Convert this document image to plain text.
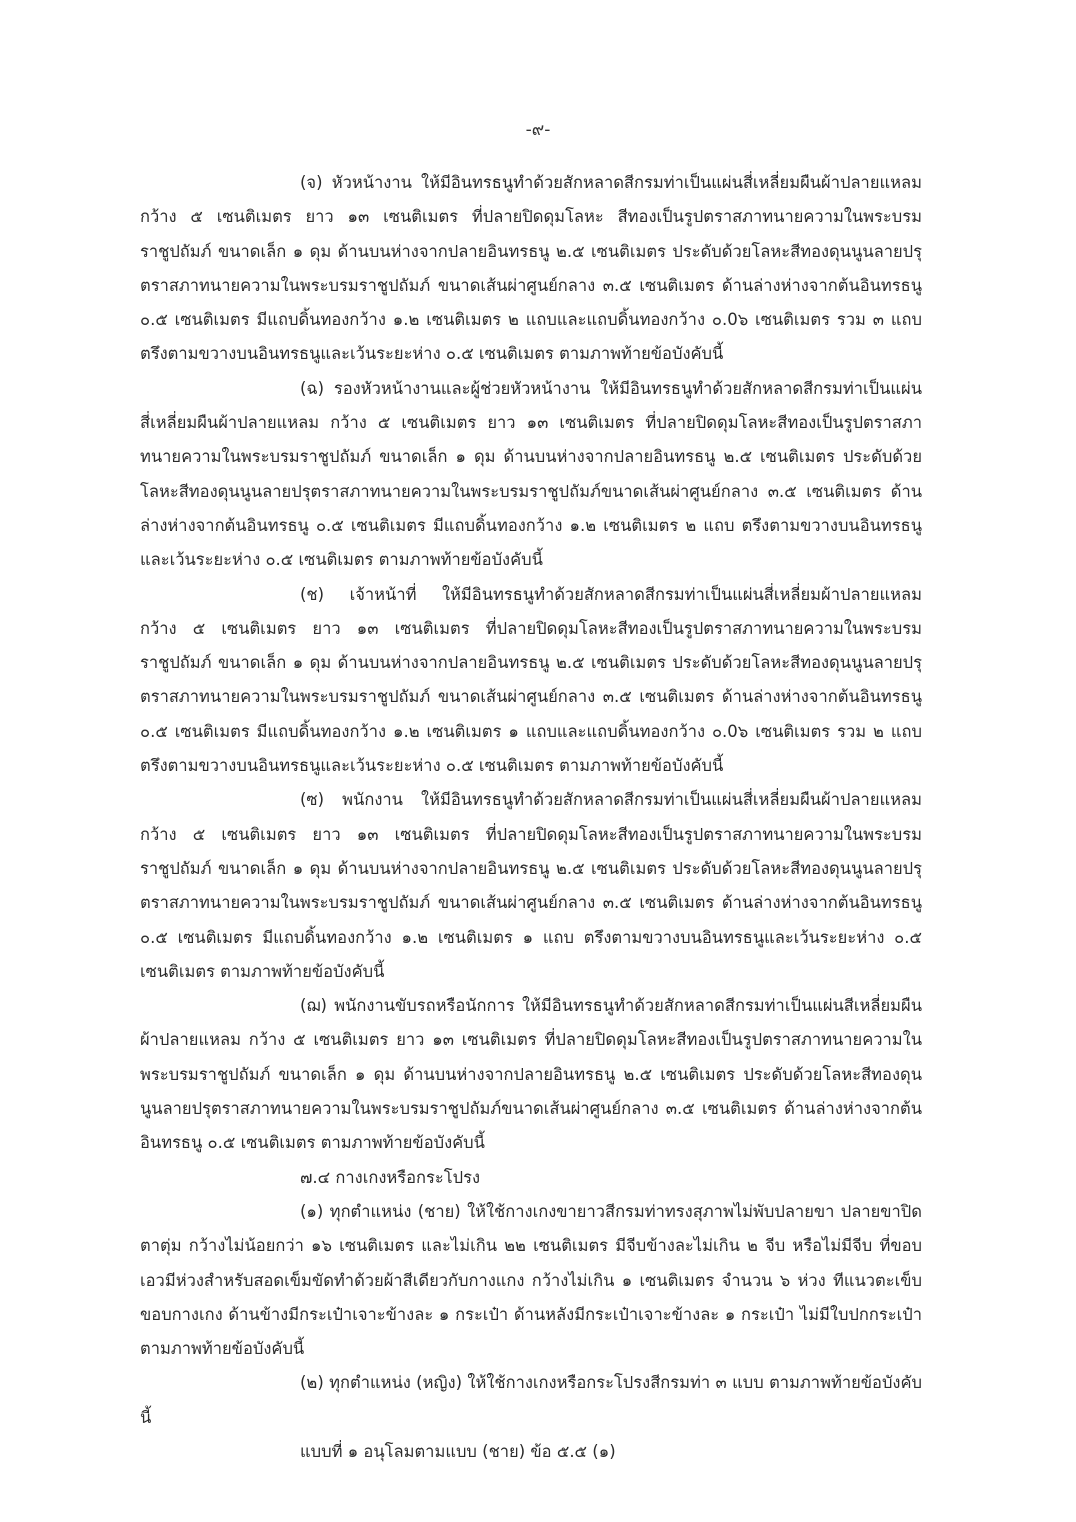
-๙-

(จ) หัวหน้างาน ให้มีอินทรธนูทำด้วยสักหลาดสีกรมท่าเป็นแผ่นสี่เหลี่ยมผืนผ้าปลายแหลม กว้าง ๕ เซนติเมตร ยาว ๑๓ เซนติเมตร ที่ปลายปิดดุมโลหะ สีทองเป็นรูปตราสภาทนายความในพระบรมราชูปถัมภ์ ขนาดเล็ก ๑ ดุม ด้านบนห่างจากปลายอินทรธนู ๒.๕ เซนติเมตร ประดับด้วยโลหะสีทองดุนนูนลายปรุตราสภาทนายความในพระบรมราชูปถัมภ์ ขนาดเส้นผ่าศูนย์กลาง ๓.๕ เซนติเมตร ด้านล่างห่างจากต้นอินทรธนู ๐.๕ เซนติเมตร มีแถบดิ้นทองกว้าง ๑.๒ เซนติเมตร ๒ แถบและแถบดิ้นทองกว้าง ๐.0๖ เซนติเมตร รวม ๓ แถบ ตรึงตามขวางบนอินทรธนูและเว้นระยะห่าง ๐.๕ เซนติเมตร ตามภาพท้ายข้อบังคับนี้

(ฉ) รองหัวหน้างานและผู้ช่วยหัวหน้างาน ให้มีอินทรธนูทำด้วยสักหลาดสีกรมท่าเป็นแผ่นสี่เหลี่ยมผืนผ้าปลายแหลม กว้าง ๕ เซนติเมตร ยาว ๑๓ เซนติเมตร ที่ปลายปิดดุมโลหะสีทองเป็นรูปตราสภาทนายความในพระบรมราชูปถัมภ์ ขนาดเล็ก ๑ ดุม ด้านบนห่างจากปลายอินทรธนู ๒.๕ เซนติเมตร ประดับด้วยโลหะสีทองดุนนูนลายปรุตราสภาทนายความในพระบรมราชูปถัมภ์ขนาดเส้นผ่าศูนย์กลาง ๓.๕ เซนติเมตร ด้านล่างห่างจากต้นอินทรธนู ๐.๕ เซนติเมตร มีแถบดิ้นทองกว้าง ๑.๒ เซนติเมตร ๒ แถบ ตรึงตามขวางบนอินทรธนูและเว้นระยะห่าง ๐.๕ เซนติเมตร ตามภาพท้ายข้อบังคับนี้

(ช) เจ้าหน้าที่ ให้มีอินทรธนูทำด้วยสักหลาดสีกรมท่าเป็นแผ่นสี่เหลี่ยมผ้าปลายแหลม กว้าง ๕ เซนติเมตร ยาว ๑๓ เซนติเมตร ที่ปลายปิดดุมโลหะสีทองเป็นรูปตราสภาทนายความในพระบรมราชูปถัมภ์ ขนาดเล็ก ๑ ดุม ด้านบนห่างจากปลายอินทรธนู ๒.๕ เซนติเมตร ประดับด้วยโลหะสีทองดุนนูนลายปรุตราสภาทนายความในพระบรมราชูปถัมภ์ ขนาดเส้นผ่าศูนย์กลาง ๓.๕ เซนติเมตร ด้านล่างห่างจากต้นอินทรธนู ๐.๕ เซนติเมตร มีแถบดิ้นทองกว้าง ๑.๒ เซนติเมตร ๑ แถบและแถบดิ้นทองกว้าง ๐.0๖ เซนติเมตร รวม ๒ แถบ ตรึงตามขวางบนอินทรธนูและเว้นระยะห่าง ๐.๕ เซนติเมตร ตามภาพท้ายข้อบังคับนี้

(ซ) พนักงาน ให้มีอินทรธนูทำด้วยสักหลาดสีกรมท่าเป็นแผ่นสี่เหลี่ยมผืนผ้าปลายแหลม กว้าง ๕ เซนติเมตร ยาว ๑๓ เซนติเมตร ที่ปลายปิดดุมโลหะสีทองเป็นรูปตราสภาทนายความในพระบรมราชูปถัมภ์ ขนาดเล็ก ๑ ดุม ด้านบนห่างจากปลายอินทรธนู ๒.๕ เซนติเมตร ประดับด้วยโลหะสีทองดุนนูนลายปรุตราสภาทนายความในพระบรมราชูปถัมภ์ ขนาดเส้นผ่าศูนย์กลาง ๓.๕ เซนติเมตร ด้านล่างห่างจากต้นอินทรธนู ๐.๕ เซนติเมตร มีแถบดิ้นทองกว้าง ๑.๒ เซนติเมตร ๑ แถบ ตรึงตามขวางบนอินทรธนูและเว้นระยะห่าง ๐.๕ เซนติเมตร ตามภาพท้ายข้อบังคับนี้

(ฌ) พนักงานขับรถหรือนักการ ให้มีอินทรธนูทำด้วยสักหลาดสีกรมท่าเป็นแผ่นสีเหลี่ยมผืนผ้าปลายแหลม กว้าง ๕ เซนติเมตร ยาว ๑๓ เซนติเมตร ที่ปลายปิดดุมโลหะสีทองเป็นรูปตราสภาทนายความในพระบรมราชูปถัมภ์ ขนาดเล็ก ๑ ดุม ด้านบนห่างจากปลายอินทรธนู ๒.๕ เซนติเมตร ประดับด้วยโลหะสีทองดุนนูนลายปรุตราสภาทนายความในพระบรมราชูปถัมภ์ขนาดเส้นผ่าศูนย์กลาง ๓.๕ เซนติเมตร ด้านล่างห่างจากต้นอินทรธนู ๐.๕ เซนติเมตร ตามภาพท้ายข้อบังคับนี้

๗.๔ กางเกงหรือกระโปรง

(๑) ทุกตำแหน่ง (ชาย) ให้ใช้กางเกงขายาวสีกรมท่าทรงสุภาพไม่พับปลายขา ปลายขาปิดตาตุ่ม กว้างไม่น้อยกว่า ๑๖ เซนติเมตร และไม่เกิน ๒๒ เซนติเมตร มีจีบข้างละไม่เกิน ๒ จีบ หรือไม่มีจีบ ที่ขอบเอวมีห่วงสำหรับสอดเข็มขัดทำด้วยผ้าสีเดียวกับกางแกง กว้างไม่เกิน ๑ เซนติเมตร จำนวน ๖ ห่วง ทีแนวตะเข็บขอบกางเกง ด้านข้างมีกระเป๋าเจาะข้างละ ๑ กระเป๋า ด้านหลังมีกระเป๋าเจาะข้างละ ๑ กระเป๋า ไม่มีใบปกกระเป๋า ตามภาพท้ายข้อบังคับนี้

(๒) ทุกตำแหน่ง (หญิง) ให้ใช้กางเกงหรือกระโปรงสีกรมท่า ๓ แบบ ตามภาพท้ายข้อบังคับนี้

แบบที่ ๑ อนุโลมตามแบบ (ชาย) ข้อ ๕.๕ (๑)
